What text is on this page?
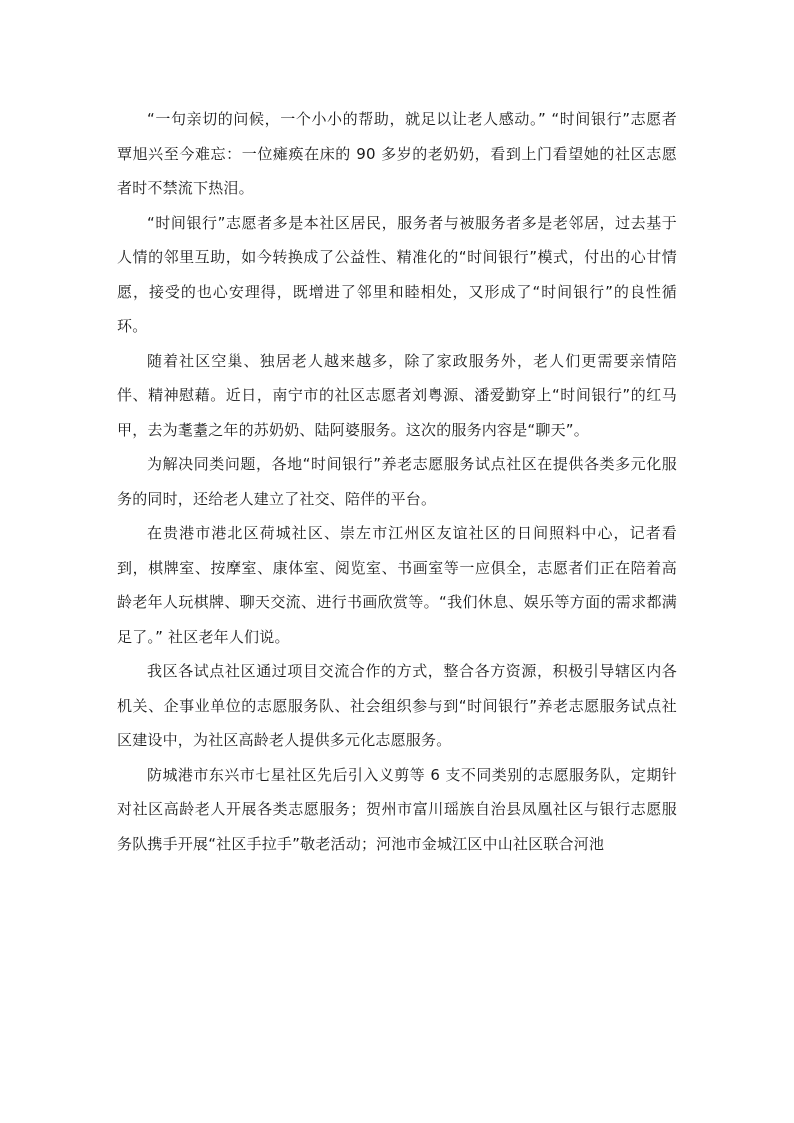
“一句亲切的问候，一个小小的帮助，就足以让老人感动。” “时间银行”志愿者覃旭兴至今难忘：一位瘫痪在床的 90 多岁的老奶奶，看到上门看望她的社区志愿者时不禁流下热泪。

“时间银行”志愿者多是本社区居民，服务者与被服务者多是老邻居，过去基于人情的邻里互助，如今转换成了公益性、精准化的“时间银行”模式，付出的心甘情愿，接受的也心安理得，既增进了邻里和睦相处，又形成了“时间银行”的良性循环。

随着社区空巢、独居老人越来越多，除了家政服务外，老人们更需要亲情陪伴、精神慰藉。近日，南宁市的社区志愿者刘粤源、潘爱勤穿上“时间银行”的红马甲，去为耄耋之年的苏奶奶、陆阿婆服务。这次的服务内容是“聊天”。

为解决同类问题，各地“时间银行”养老志愿服务试点社区在提供各类多元化服务的同时，还给老人建立了社交、陪伴的平台。

在贵港市港北区荷城社区、崇左市江州区友谊社区的日间照料中心，记者看到，棋牌室、按摩室、康体室、阅览室、书画室等一应俱全，志愿者们正在陪着高龄老年人玩棋牌、聊天交流、进行书画欣赏等。“我们休息、娱乐等方面的需求都满足了。” 社区老年人们说。

我区各试点社区通过项目交流合作的方式，整合各方资源，积极引导辖区内各机关、企事业单位的志愿服务队、社会组织参与到“时间银行”养老志愿服务试点社区建设中，为社区高龄老人提供多元化志愿服务。

防城港市东兴市七星社区先后引入义剪等 6 支不同类别的志愿服务队，定期针对社区高龄老人开展各类志愿服务；贺州市富川瑶族自治县凤凰社区与银行志愿服务队携手开展“社区手拉手”敬老活动；河池市金城江区中山社区联合河池
